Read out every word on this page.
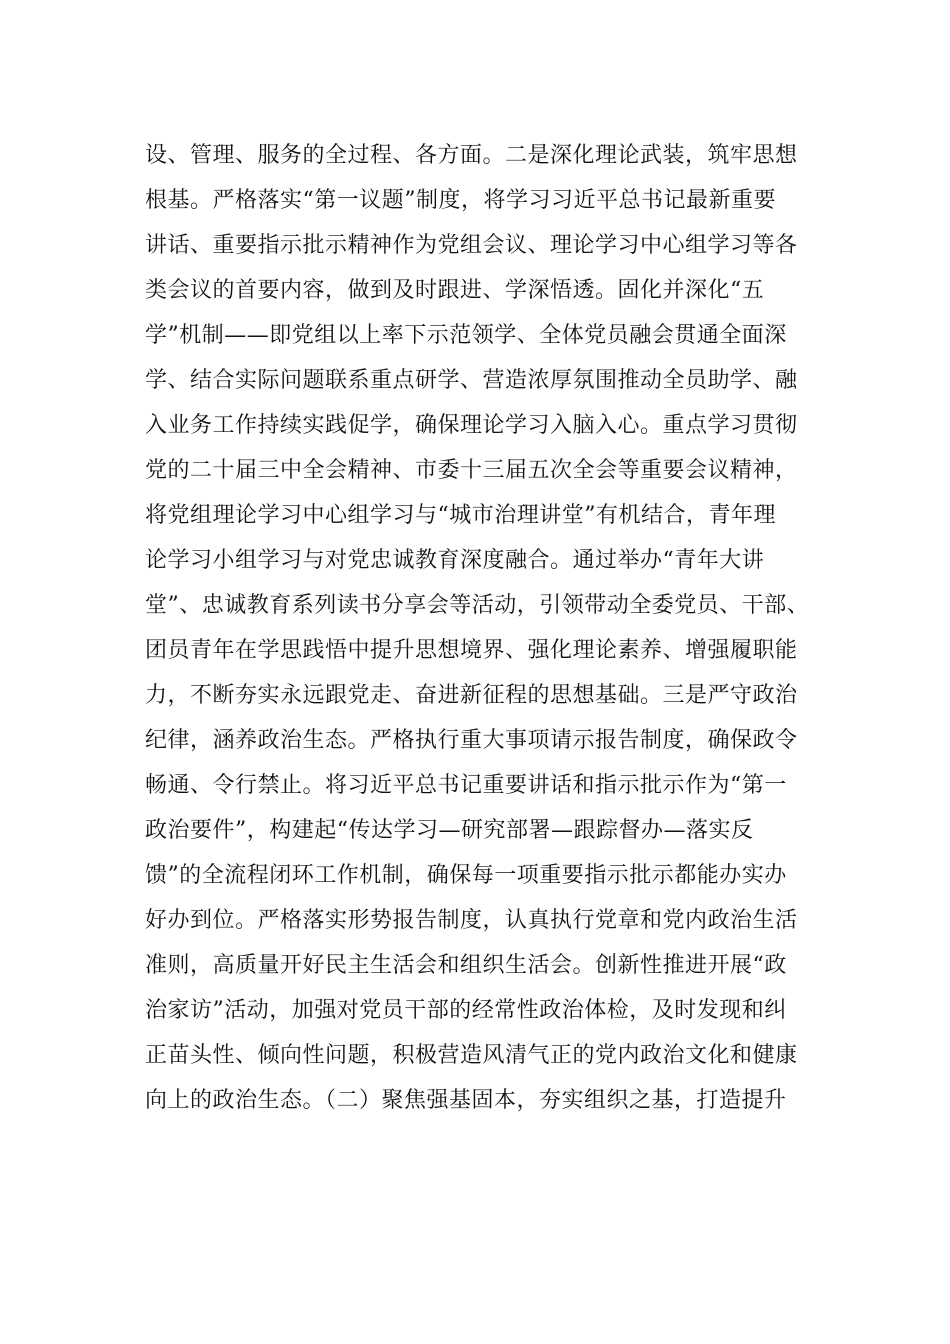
设、管理、服务的全过程、各方面。二是深化理论武装，筑牢思想
根基。严格落实“第一议题”制度，将学习习近平总书记最新重要
讲话、重要指示批示精神作为党组会议、理论学习中心组学习等各
类会议的首要内容，做到及时跟进、学深悟透。固化并深化“五
学”机制——即党组以上率下示范领学、全体党员融会贯通全面深
学、结合实际问题联系重点研学、营造浓厚氛围推动全员助学、融
入业务工作持续实践促学，确保理论学习入脑入心。重点学习贯彻
党的二十届三中全会精神、市委十三届五次全会等重要会议精神，
将党组理论学习中心组学习与“城市治理讲堂”有机结合，青年理
论学习小组学习与对党忠诚教育深度融合。通过举办“青年大讲
堂”、忠诚教育系列读书分享会等活动，引领带动全委党员、干部、
团员青年在学思践悟中提升思想境界、强化理论素养、增强履职能
力，不断夯实永远跟党走、奋进新征程的思想基础。三是严守政治
纪律，涵养政治生态。严格执行重大事项请示报告制度，确保政令
畅通、令行禁止。将习近平总书记重要讲话和指示批示作为“第一
政治要件”，构建起“传达学习—研究部署—跟踪督办—落实反
馈”的全流程闭环工作机制，确保每一项重要指示批示都能办实办
好办到位。严格落实形势报告制度，认真执行党章和党内政治生活
准则，高质量开好民主生活会和组织生活会。创新性推进开展“政
治家访”活动，加强对党员干部的经常性政治体检，及时发现和纠
正苗头性、倾向性问题，积极营造风清气正的党内政治文化和健康
向上的政治生态。（二）聚焦强基固本，夯实组织之基，打造提升
